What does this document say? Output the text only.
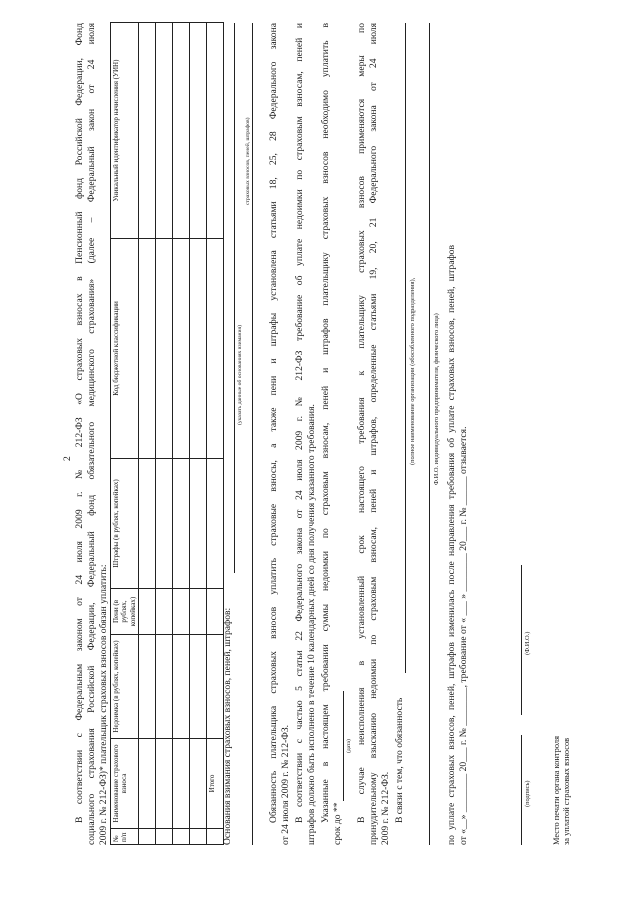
2 В соответствии с Федеральным законом от 24 июля 2009 г. № 212-ФЗ «О страховых взносах в Пенсионный фонд Российской Федерации, Фонд социального страхования Российской Федерации, Федеральный фонд обязательного медицинского страхования» (далее – Федеральный закон от 24 июля 2009 г. № 212-ФЗ)* плательщик страховых взносов обязан уплатить: № п/п	Наименование страхового взноса	Недоимка (в рублях, копейках)	Пени (в рублях, копейках)	Штрафы (в рублях, копейках)	Код бюджетной классификации	Уникальный идентификатор начисления (УИН)

	Итого					Основания взимания страховых взносов, пеней, штрафов:
(указать данные об основаниях взимания)
страховых взносов, пеней, штрафов) Обязанность плательщика страховых взносов уплатить страховые взносы, а также пени и штрафы установлена статьями 18, 25, 28 Федерального закона от 24 июля 2009 г. № 212-ФЗ. В соответствии с частью 5 статьи 22 Федерального закона от 24 июля 2009 г. № 212-ФЗ требование об уплате недоимки по страховым взносам, пеней и штрафов должно быть исполнено в течение 10 календарных дней со дня получения указанного требования. Указанные в настоящем требовании суммы недоимки по страховым взносам, пеней и штрафов плательщику страховых взносов необходимо уплатить в
срок до **
(дата) В случае неисполнения в установленный срок настоящего требования к плательщику страховых взносов применяются меры по принудительному взысканию недоимки по страховым взносам, пеней и штрафов, определенные статьями 19, 20, 21 Федерального закона от 24 июля 2009 г. № 212-ФЗ. В связи с тем, что обязанность
(полное наименование организации (обособленного подразделения),	Ф.И.О. индивидуального предпринимателя, физического лица) по уплате страховых взносов, пеней, штрафов изменилась после направления требования об уплате страховых взносов, пеней, штрафов от «__» ________ 20___ г. № ________, требование от « ___ » ________ 20___ г. № ______ отзывается.	(подпись)
(Ф.И.О.)
Место печати органа контроля за уплатой страховых взносов
